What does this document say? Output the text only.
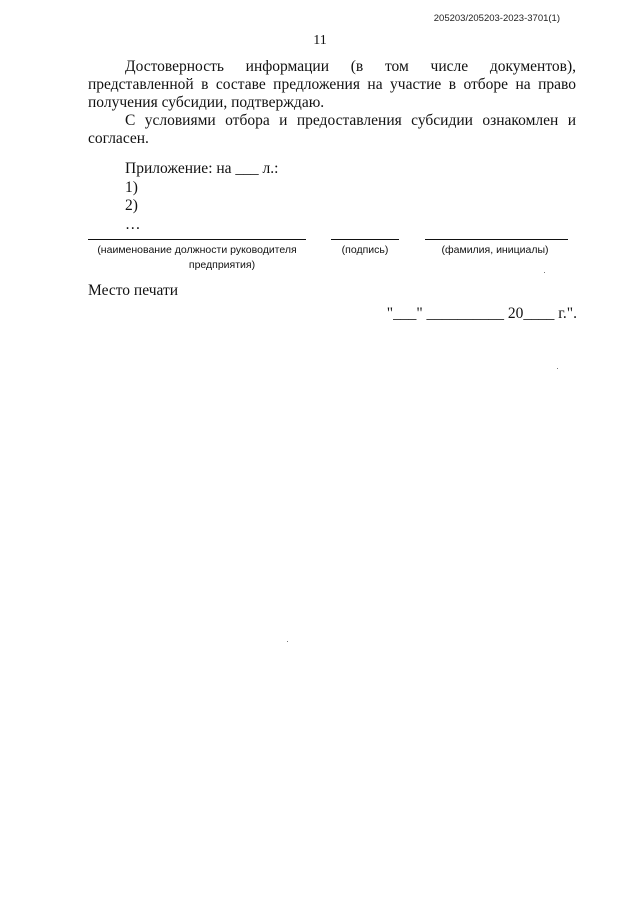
205203/205203-2023-3701(1)
11

Достоверность информации (в том числе документов), представленной в составе предложения на участие в отборе на право получения субсидии, подтверждаю.

С условиями отбора и предоставления субсидии ознакомлен и согласен.

Приложение: на ___ л.:
1)
2)
…
(наименование должности руководителя
предприятия)
(подпись)	(фамилия, инициалы)
Место печати
"___" __________ 20____ г.".
